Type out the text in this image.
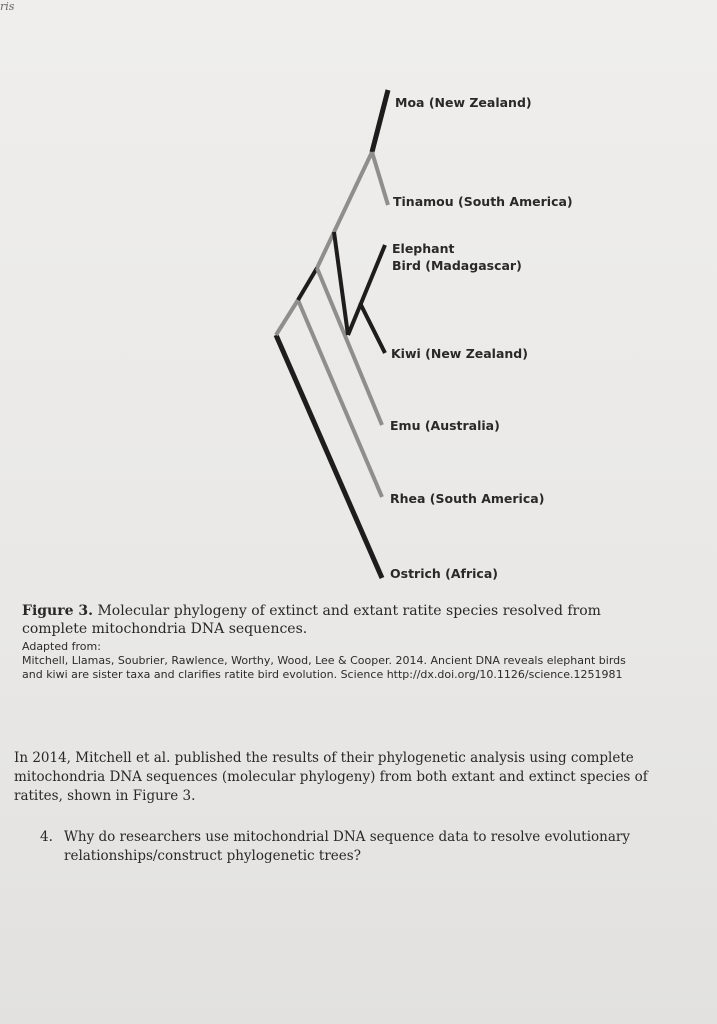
ris
Moa (New Zealand)
Tinamou (South America)
Elephant
Bird (Madagascar)
Kiwi (New Zealand)
Emu (Australia)
Rhea (South America)
Ostrich (Africa)
Figure 3. Molecular phylogeny of extinct and extant ratite species resolved from complete mitochondria DNA sequences.
Adapted from:
Mitchell, Llamas, Soubrier, Rawlence, Worthy, Wood, Lee & Cooper. 2014. Ancient DNA reveals elephant birds and kiwi are sister taxa and clarifies ratite bird evolution. Science http://dx.doi.org/10.1126/science.1251981
In 2014, Mitchell et al. published the results of their phylogenetic analysis using complete mitochondria DNA sequences (molecular phylogeny) from both extant and extinct species of ratites, shown in Figure 3.
4. Why do researchers use mitochondrial DNA sequence data to resolve evolutionary relationships/construct phylogenetic trees?
